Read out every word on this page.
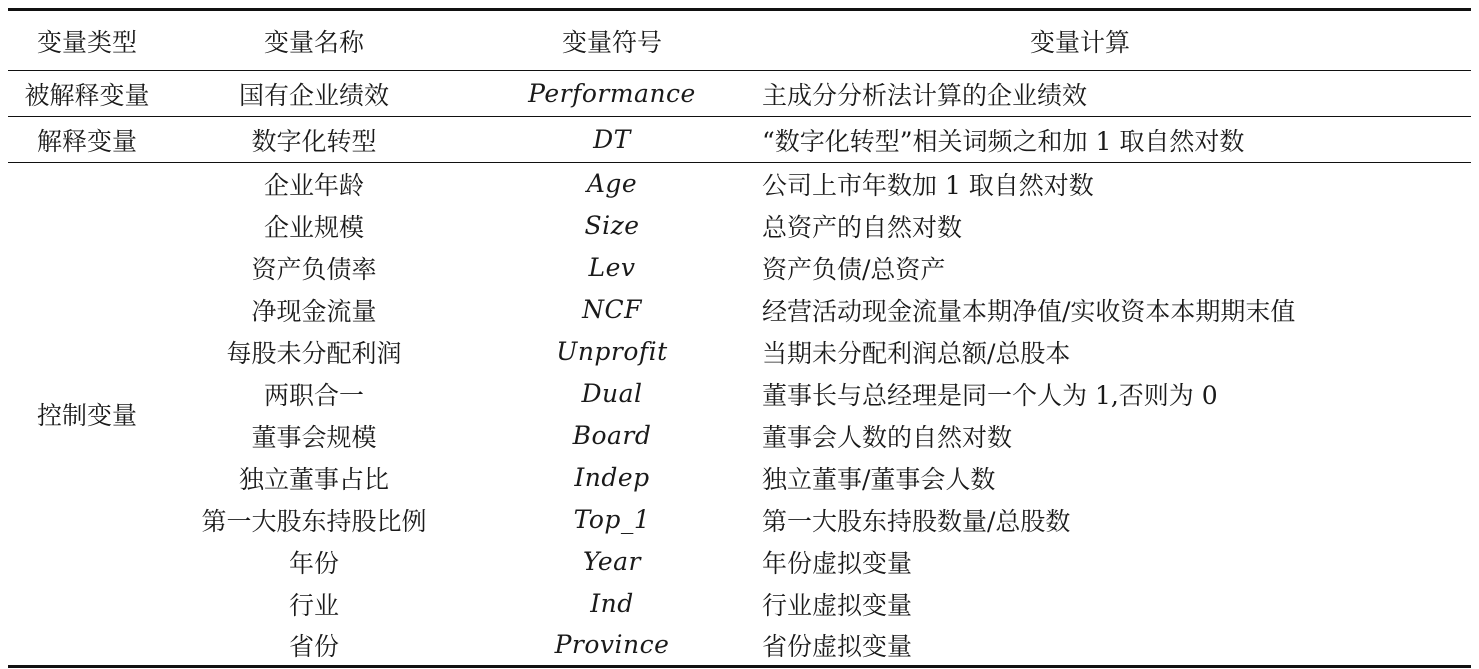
变量类型	变量名称	变量符号	变量计算
被解释变量	国有企业绩效	Performance	主成分分析法计算的企业绩效
解释变量	数字化转型	DT	“数字化转型”相关词频之和加 1 取自然对数
控制变量	企业年龄	Age	公司上市年数加 1 取自然对数
	企业规模	Size	总资产的自然对数
	资产负债率	Lev	资产负债/总资产
	净现金流量	NCF	经营活动现金流量本期净值/实收资本本期期末值
	每股未分配利润	Unprofit	当期未分配利润总额/总股本
	两职合一	Dual	董事长与总经理是同一个人为 1,否则为 0
	董事会规模	Board	董事会人数的自然对数
	独立董事占比	Indep	独立董事/董事会人数
	第一大股东持股比例	Top_1	第一大股东持股数量/总股数
	年份	Year	年份虚拟变量
	行业	Ind	行业虚拟变量
	省份	Province	省份虚拟变量
